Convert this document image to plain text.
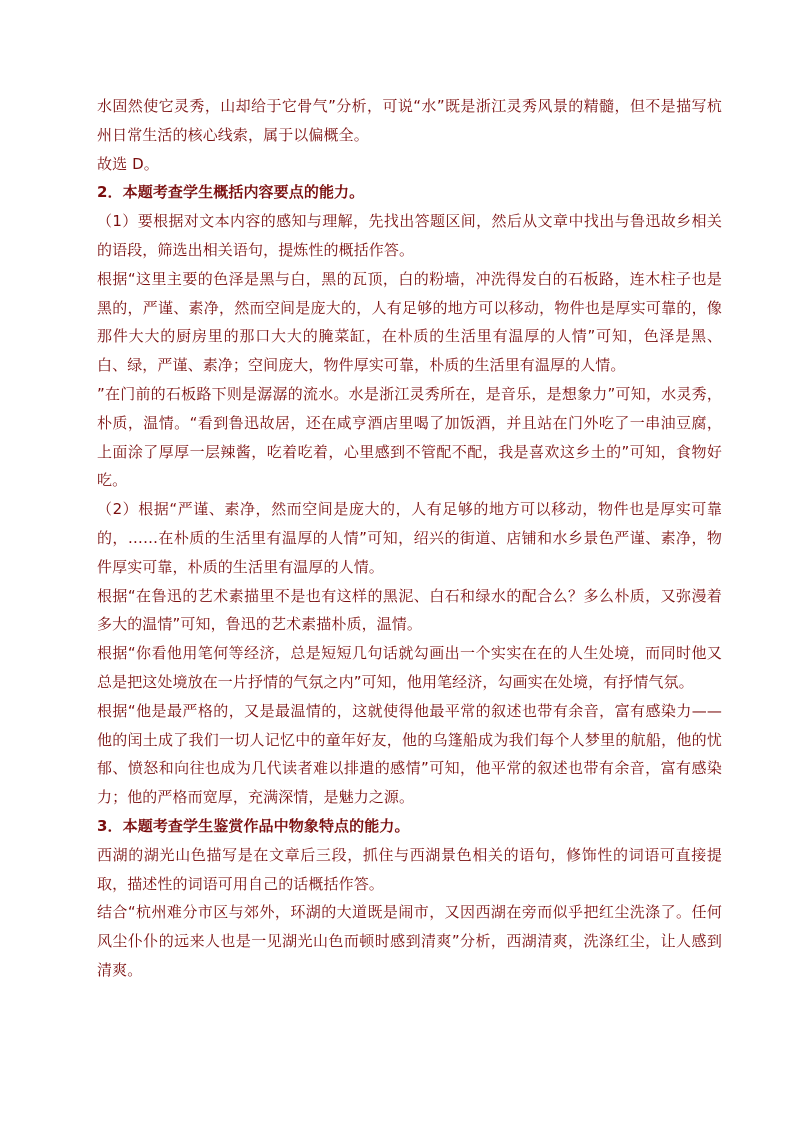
水固然使它灵秀，山却给于它骨气”分析，可说“水”既是浙江灵秀风景的精髓，但不是描写杭州日常生活的核心线索，属于以偏概全。

故选 D。

2．本题考查学生概括内容要点的能力。

（1）要根据对文本内容的感知与理解，先找出答题区间，然后从文章中找出与鲁迅故乡相关的语段，筛选出相关语句，提炼性的概括作答。

根据“这里主要的色泽是黑与白，黑的瓦顶，白的粉墙，冲洗得发白的石板路，连木柱子也是黑的，严谨、素净，然而空间是庞大的，人有足够的地方可以移动，物件也是厚实可靠的，像那件大大的厨房里的那口大大的腌菜缸，在朴质的生活里有温厚的人情”可知，色泽是黑、白、绿，严谨、素净；空间庞大，物件厚实可靠，朴质的生活里有温厚的人情。

”在门前的石板路下则是潺潺的流水。水是浙江灵秀所在，是音乐，是想象力”可知，水灵秀，朴质，温情。“看到鲁迅故居，还在咸亨酒店里喝了加饭酒，并且站在门外吃了一串油豆腐，上面涂了厚厚一层辣酱，吃着吃着，心里感到不管配不配，我是喜欢这乡土的”可知，食物好吃。

（2）根据“严谨、素净，然而空间是庞大的，人有足够的地方可以移动，物件也是厚实可靠的，……在朴质的生活里有温厚的人情”可知，绍兴的街道、店铺和水乡景色严谨、素净，物件厚实可靠，朴质的生活里有温厚的人情。

根据“在鲁迅的艺术素描里不是也有这样的黑泥、白石和绿水的配合么？多么朴质，又弥漫着多大的温情”可知，鲁迅的艺术素描朴质，温情。

根据“你看他用笔何等经济，总是短短几句话就勾画出一个实实在在的人生处境，而同时他又总是把这处境放在一片抒情的气氛之内”可知，他用笔经济，勾画实在处境，有抒情气氛。

根据“他是最严格的，又是最温情的，这就使得他最平常的叙述也带有余音，富有感染力——他的闰土成了我们一切人记忆中的童年好友，他的乌篷船成为我们每个人梦里的航船，他的忧郁、愤怒和向往也成为几代读者难以排遣的感情”可知，他平常的叙述也带有余音，富有感染力；他的严格而宽厚，充满深情，是魅力之源。

3．本题考查学生鉴赏作品中物象特点的能力。

西湖的湖光山色描写是在文章后三段，抓住与西湖景色相关的语句，修饰性的词语可直接提取，描述性的词语可用自己的话概括作答。

结合“杭州难分市区与郊外，环湖的大道既是闹市，又因西湖在旁而似乎把红尘洗涤了。任何风尘仆仆的远来人也是一见湖光山色而顿时感到清爽”分析，西湖清爽，洗涤红尘，让人感到清爽。
